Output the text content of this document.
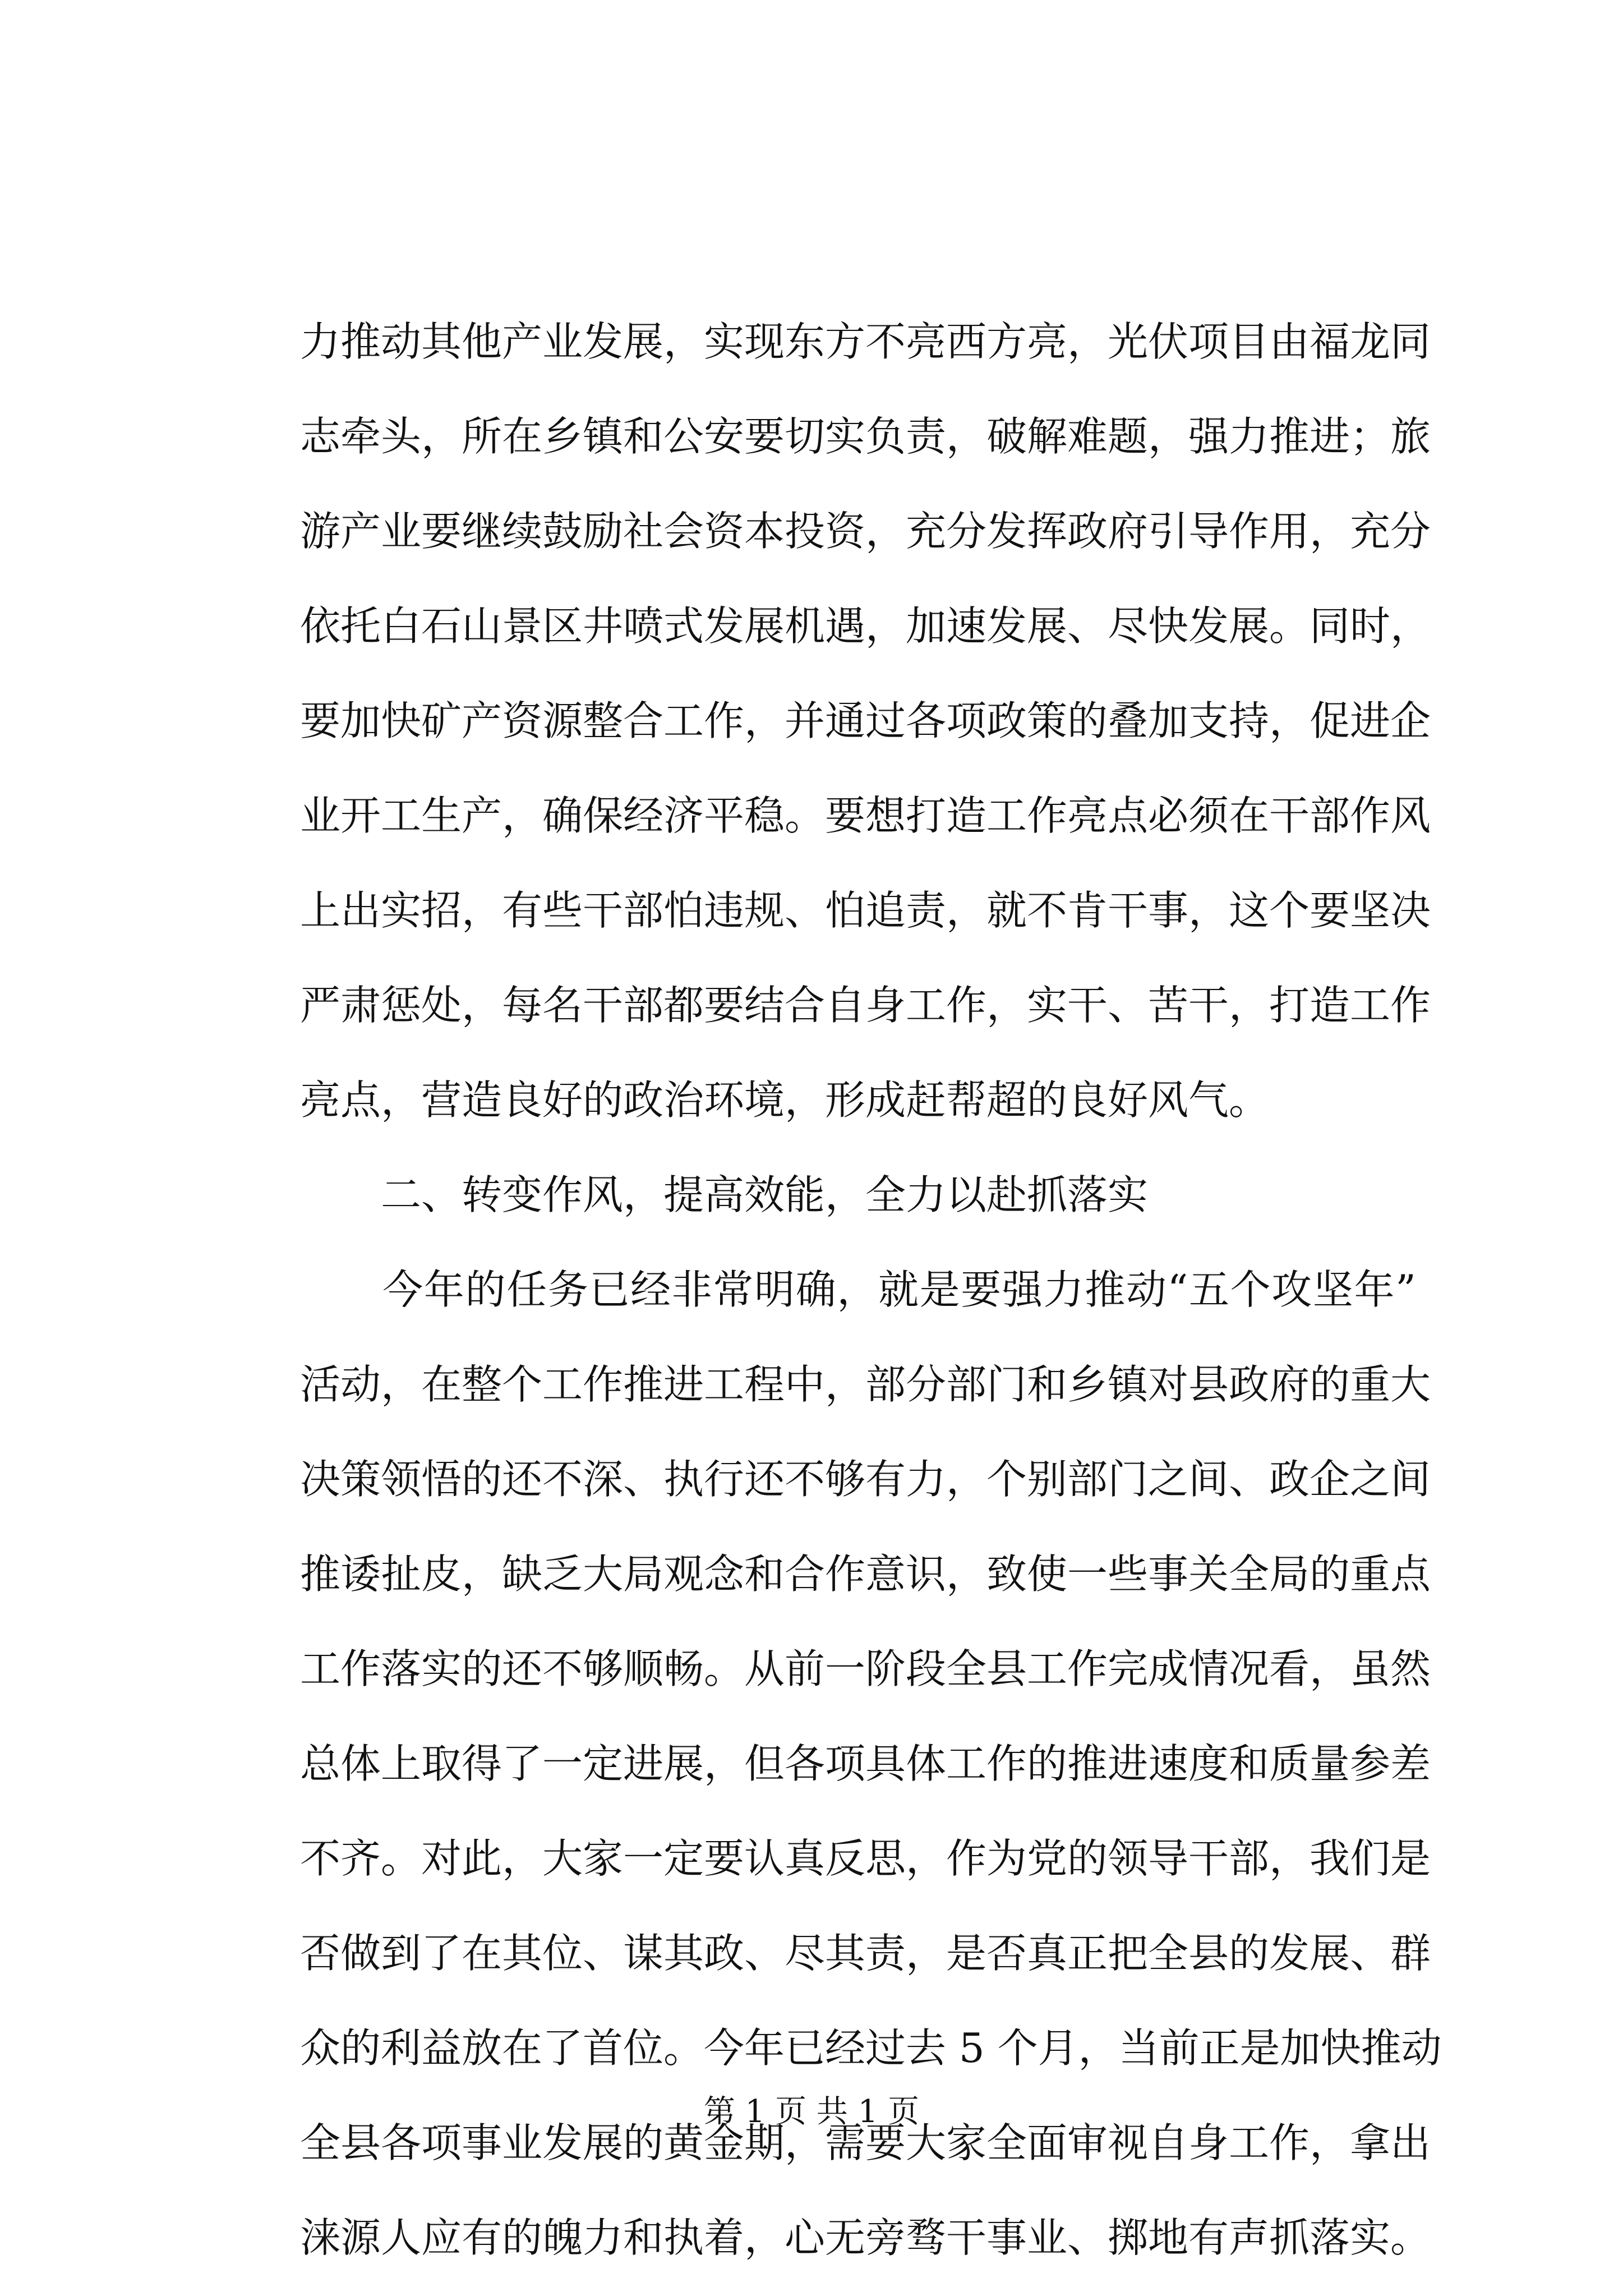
力推动其他产业发展，实现东方不亮西方亮，光伏项目由福龙同
志牵头，所在乡镇和公安要切实负责，破解难题，强力推进；旅
游产业要继续鼓励社会资本投资，充分发挥政府引导作用，充分
依托白石山景区井喷式发展机遇，加速发展、尽快发展。同时，
要加快矿产资源整合工作，并通过各项政策的叠加支持，促进企
业开工生产，确保经济平稳。要想打造工作亮点必须在干部作风
上出实招，有些干部怕违规、怕追责，就不肯干事，这个要坚决
严肃惩处，每名干部都要结合自身工作，实干、苦干，打造工作
亮点，营造良好的政治环境，形成赶帮超的良好风气。
　　二、转变作风，提高效能，全力以赴抓落实
　　今年的任务已经非常明确，就是要强力推动“五个攻坚年”
活动，在整个工作推进工程中，部分部门和乡镇对县政府的重大
决策领悟的还不深、执行还不够有力，个别部门之间、政企之间
推诿扯皮，缺乏大局观念和合作意识，致使一些事关全局的重点
工作落实的还不够顺畅。从前一阶段全县工作完成情况看，虽然
总体上取得了一定进展，但各项具体工作的推进速度和质量参差
不齐。对此，大家一定要认真反思，作为党的领导干部，我们是
否做到了在其位、谋其政、尽其责，是否真正把全县的发展、群
众的利益放在了首位。今年已经过去 5 个月，当前正是加快推动
全县各项事业发展的黄金期，需要大家全面审视自身工作，拿出
涞源人应有的魄力和执着，心无旁骛干事业、掷地有声抓落实。
第 1 页 共 1 页
